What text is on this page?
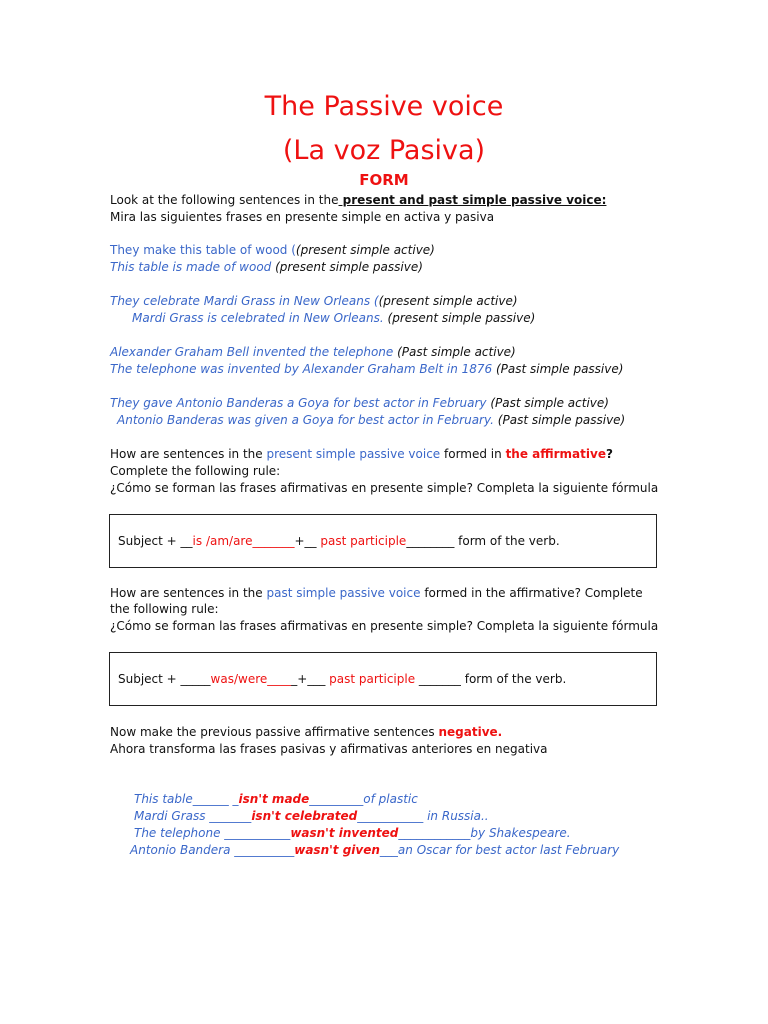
The Passive voice
(La voz Pasiva)
FORM
Look at the following sentences in the present and past simple passive voice:
Mira las siguientes frases en presente simple en activa y pasiva
They make this table of wood ((present simple active)
This table is made of wood (present simple passive)
They celebrate Mardi Grass in New Orleans ((present simple active)
Mardi Grass is celebrated in New Orleans. (present simple passive)
Alexander Graham Bell invented the telephone (Past simple active)
The telephone was invented by Alexander Graham Belt in 1876 (Past simple passive)
They gave Antonio Banderas a Goya for best actor in February (Past simple active)
Antonio Banderas was given a Goya for best actor in February. (Past simple passive)
How are sentences in the present simple passive voice formed in the affirmative?
Complete the following rule:
¿Cómo se forman las frases afirmativas en presente simple? Completa la siguiente fórmula
Subject + __is /am/are_______+__ past participle________ form of the verb.
How are sentences in the past simple passive voice formed in the affirmative? Complete
the following rule:
¿Cómo se forman las frases afirmativas en presente simple? Completa la siguiente fórmula
Subject + _____was/were_____+___ past participle _______ form of the verb.
Now make the previous passive affirmative sentences negative.
Ahora transforma las frases pasivas y afirmativas anteriores en negativa
This table______ _isn't made_________of plastic
Mardi Grass _______isn't celebrated___________ in Russia..
The telephone ___________wasn't invented____________by Shakespeare.
Antonio Bandera __________wasn't given___an Oscar for best actor last February
